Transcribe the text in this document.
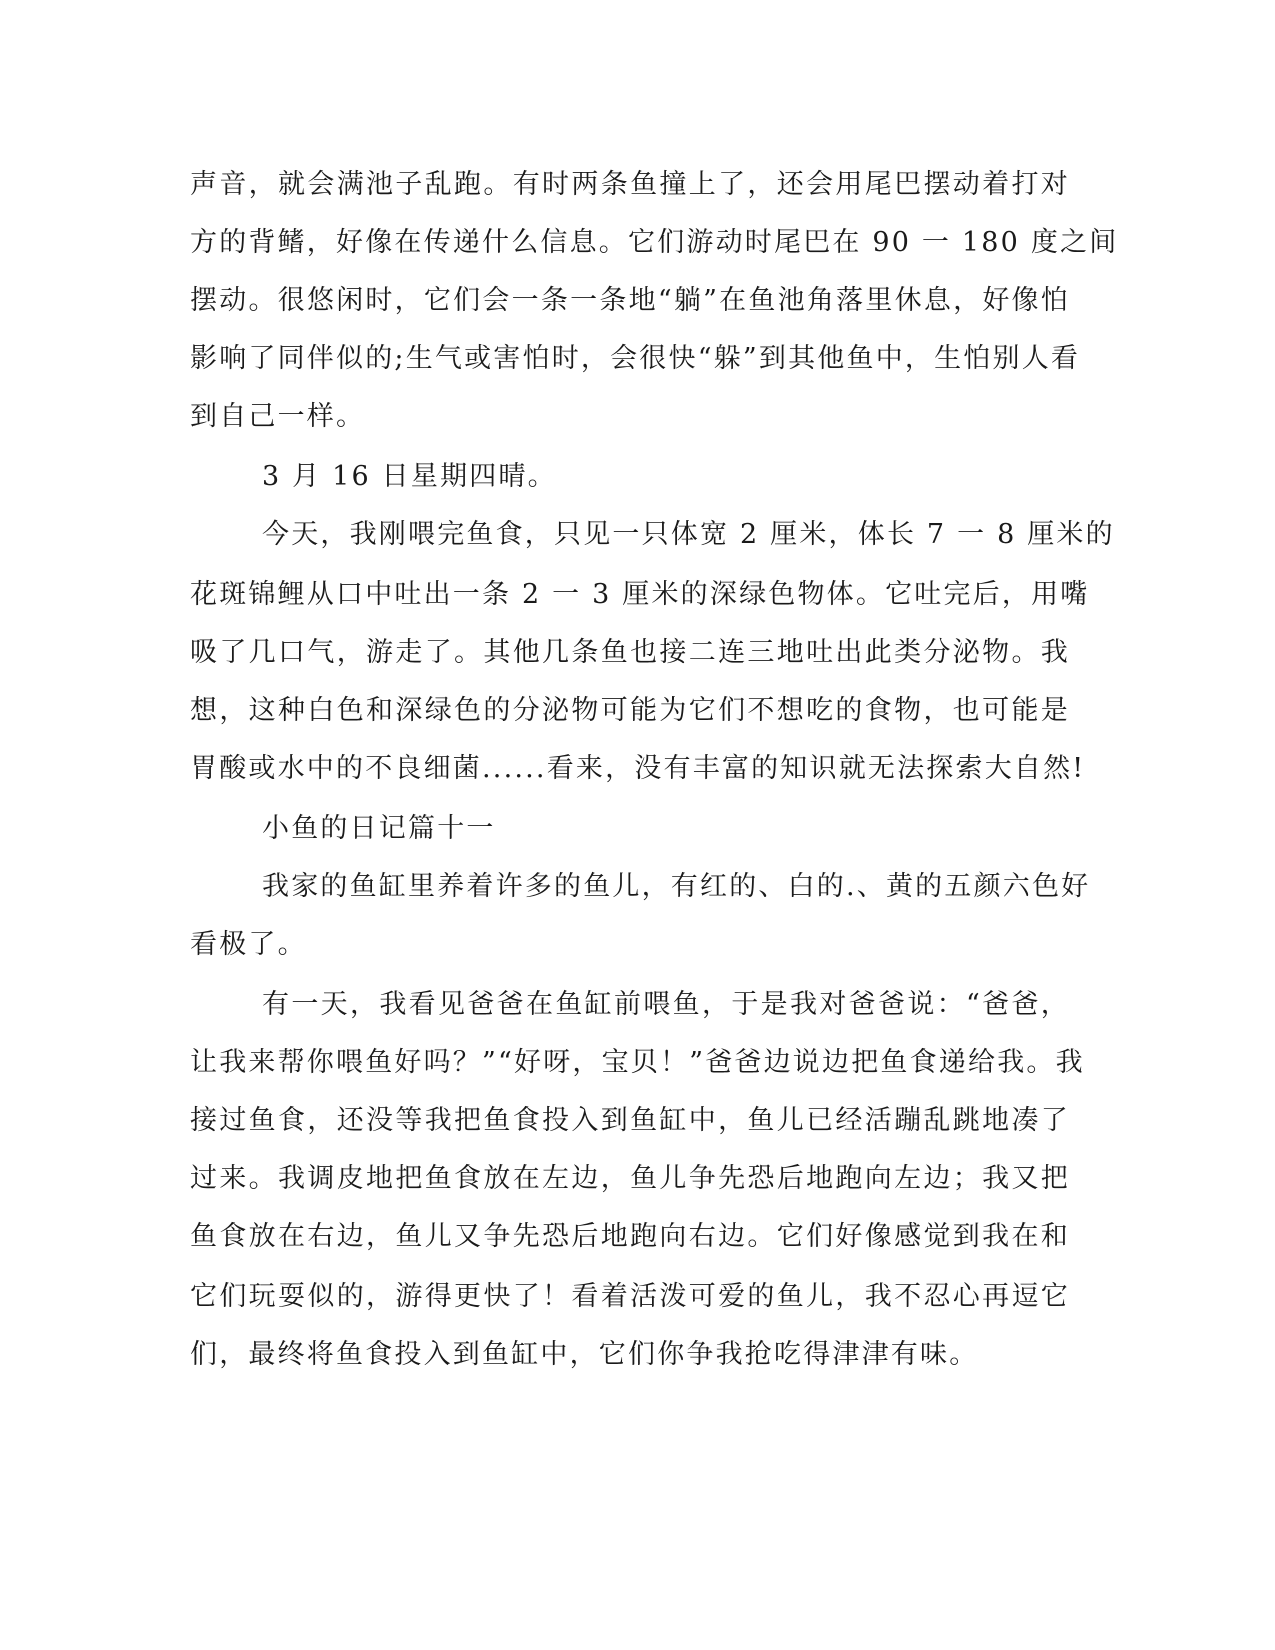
声音，就会满池子乱跑。有时两条鱼撞上了，还会用尾巴摆动着打对
方的背鳍，好像在传递什么信息。它们游动时尾巴在 90 一 180 度之间
摆动。很悠闲时，它们会一条一条地“躺”在鱼池角落里休息，好像怕
影响了同伴似的;生气或害怕时，会很快“躲”到其他鱼中，生怕别人看
到自己一样。
3 月 16 日星期四晴。
今天，我刚喂完鱼食，只见一只体宽 2 厘米，体长 7 一 8 厘米的
花斑锦鲤从口中吐出一条 2 一 3 厘米的深绿色物体。它吐完后，用嘴
吸了几口气，游走了。其他几条鱼也接二连三地吐出此类分泌物。我
想，这种白色和深绿色的分泌物可能为它们不想吃的食物，也可能是
胃酸或水中的不良细菌......看来，没有丰富的知识就无法探索大自然!
小鱼的日记篇十一
我家的鱼缸里养着许多的鱼儿，有红的、白的.、黄的五颜六色好
看极了。
有一天，我看见爸爸在鱼缸前喂鱼，于是我对爸爸说：“爸爸，
让我来帮你喂鱼好吗？”“好呀，宝贝！”爸爸边说边把鱼食递给我。我
接过鱼食，还没等我把鱼食投入到鱼缸中，鱼儿已经活蹦乱跳地凑了
过来。我调皮地把鱼食放在左边，鱼儿争先恐后地跑向左边；我又把
鱼食放在右边，鱼儿又争先恐后地跑向右边。它们好像感觉到我在和
它们玩耍似的，游得更快了！看着活泼可爱的鱼儿，我不忍心再逗它
们，最终将鱼食投入到鱼缸中，它们你争我抢吃得津津有味。
